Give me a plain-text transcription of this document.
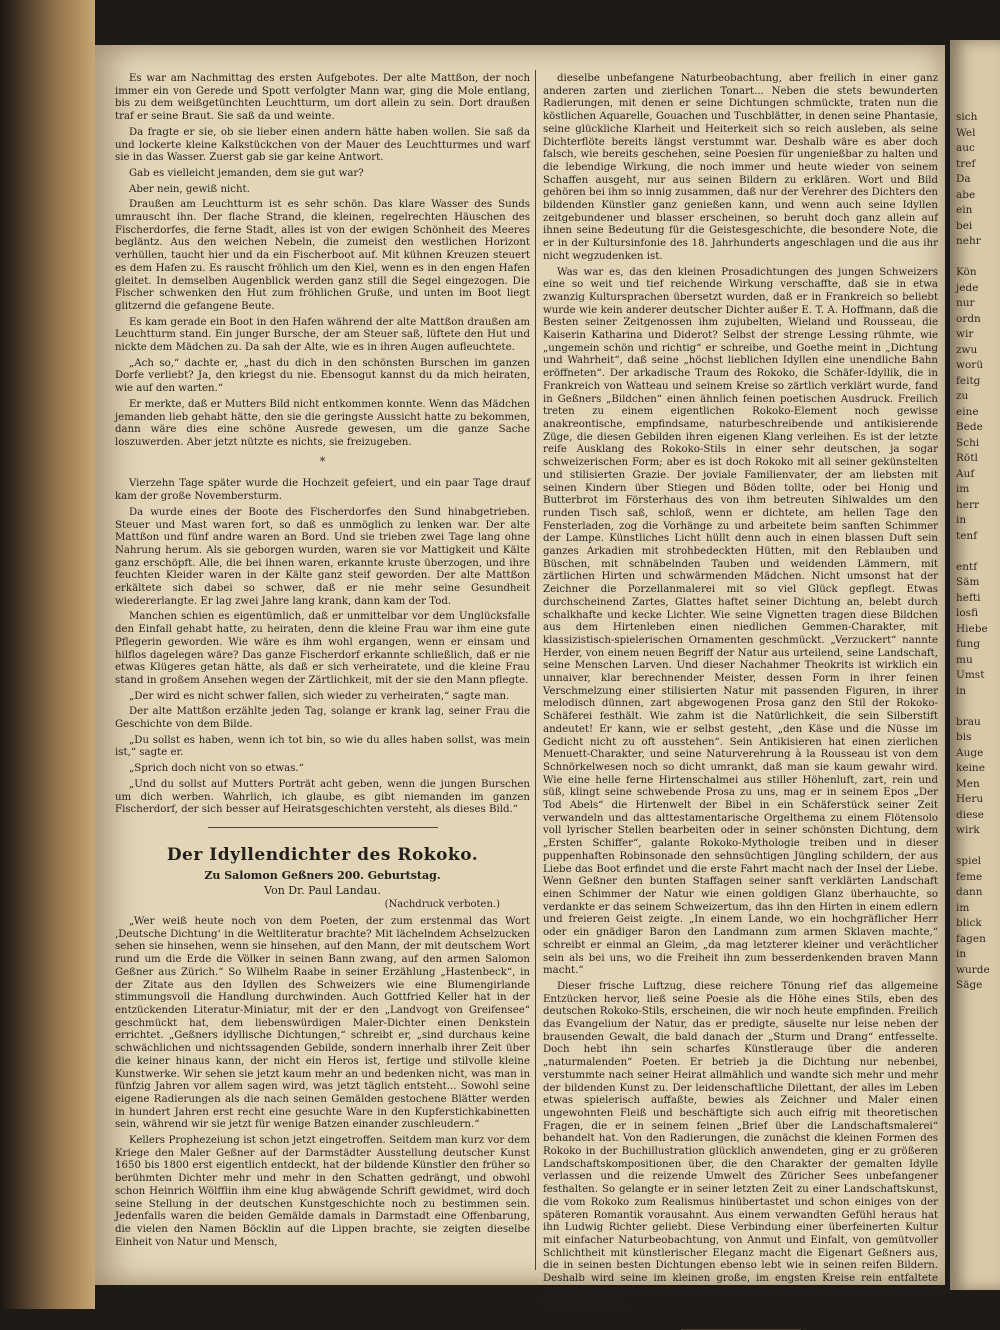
Es war am Nachmittag des ersten Aufgebotes. Der alte Mattßon, der noch immer ein von Gerede und Spott verfolgter Mann war, ging die Mole entlang, bis zu dem weißgetünchten Leuchtturm, um dort allein zu sein. Dort draußen traf er seine Braut. Sie saß da und weinte.

Da fragte er sie, ob sie lieber einen andern hätte haben wollen. Sie saß da und lockerte kleine Kalkstückchen von der Mauer des Leuchtturmes und warf sie in das Wasser. Zuerst gab sie gar keine Antwort.

Gab es vielleicht jemanden, dem sie gut war?

Aber nein, gewiß nicht.

Draußen am Leuchtturm ist es sehr schön. Das klare Wasser des Sunds umrauscht ihn. Der flache Strand, die kleinen, regelrechten Häuschen des Fischerdorfes, die ferne Stadt, alles ist von der ewigen Schönheit des Meeres begläntz. Aus den weichen Nebeln, die zumeist den westlichen Horizont verhüllen, taucht hier und da ein Fischerboot auf. Mit kühnen Kreuzen steuert es dem Hafen zu. Es rauscht fröhlich um den Kiel, wenn es in den engen Hafen gleitet. In demselben Augenblick werden ganz still die Segel eingezogen. Die Fischer schwenken den Hut zum fröhlichen Gruße, und unten im Boot liegt glitzernd die gefangene Beute.

Es kam gerade ein Boot in den Hafen während der alte Mattßon draußen am Leuchtturm stand. Ein junger Bursche, der am Steuer saß, lüftete den Hut und nickte dem Mädchen zu. Da sah der Alte, wie es in ihren Augen aufleuchtete.

„Ach so,“ dachte er, „hast du dich in den schönsten Burschen im ganzen Dorfe verliebt? Ja, den kriegst du nie. Ebensogut kannst du da mich heiraten, wie auf den warten.“

Er merkte, daß er Mutters Bild nicht entkommen konnte. Wenn das Mädchen jemanden lieb gehabt hätte, den sie die geringste Aussicht hatte zu bekommen, dann wäre dies eine schöne Ausrede gewesen, um die ganze Sache loszuwerden. Aber jetzt nützte es nichts, sie freizugeben.

*

Vierzehn Tage später wurde die Hochzeit gefeiert, und ein paar Tage drauf kam der große Novembersturm.

Da wurde eines der Boote des Fischerdorfes den Sund hinabgetrieben. Steuer und Mast waren fort, so daß es unmöglich zu lenken war. Der alte Mattßon und fünf andre waren an Bord. Und sie trieben zwei Tage lang ohne Nahrung herum. Als sie geborgen wurden, waren sie vor Mattigkeit und Kälte ganz erschöpft. Alle, die bei ihnen waren, erkannte kruste überzogen, und ihre feuchten Kleider waren in der Kälte ganz steif geworden. Der alte Mattßon erkältete sich dabei so schwer, daß er nie mehr seine Gesundheit wiedererlangte. Er lag zwei Jahre lang krank, dann kam der Tod.

Manchen schien es eigentümlich, daß er unmittelbar vor dem Unglücksfalle den Einfall gehabt hatte, zu heiraten, denn die kleine Frau war ihm eine gute Pflegerin geworden. Wie wäre es ihm wohl ergangen, wenn er einsam und hilflos dagelegen wäre? Das ganze Fischerdorf erkannte schließlich, daß er nie etwas Klügeres getan hätte, als daß er sich verheiratete, und die kleine Frau stand in großem Ansehen wegen der Zärtlichkeit, mit der sie den Mann pflegte.

„Der wird es nicht schwer fallen, sich wieder zu verheiraten,“ sagte man.

Der alte Mattßon erzählte jeden Tag, solange er krank lag, seiner Frau die Geschichte von dem Bilde.

„Du sollst es haben, wenn ich tot bin, so wie du alles haben sollst, was mein ist,“ sagte er.

„Sprich doch nicht von so etwas.“

„Und du sollst auf Mutters Porträt acht geben, wenn die jungen Burschen um dich werben. Wahrlich, ich glaube, es gibt niemanden im ganzen Fischerdorf, der sich besser auf Heiratsgeschichten versteht, als dieses Bild.“

Der Idyllendichter des Rokoko.
Zu Salomon Geßners 200. Geburtstag.
Von Dr. Paul Landau.
(Nachdruck verboten.)

„Wer weiß heute noch von dem Poeten, der zum erstenmal das Wort ‚Deutsche Dichtung‘ in die Weltliteratur brachte? Mit lächelndem Achselzucken sehen sie hinsehen, wenn sie hinsehen, auf den Mann, der mit deutschem Wort rund um die Erde die Völker in seinen Bann zwang, auf den armen Salomon Geßner aus Zürich.“ So Wilhelm Raabe in seiner Erzählung „Hastenbeck“, in der Zitate aus den Idyllen des Schweizers wie eine Blumengirlande stimmungsvoll die Handlung durchwinden. Auch Gottfried Keller hat in der entzückenden Literatur-Miniatur, mit der er den „Landvogt von Greifensee“ geschmückt hat, dem liebenswürdigen Maler-Dichter einen Denkstein errichtet. „Geßners idyllische Dichtungen,“ schreibt er, „sind durchaus keine schwächlichen und nichtssagenden Gebilde, sondern innerhalb ihrer Zeit über die keiner hinaus kann, der nicht ein Heros ist, fertige und stilvolle kleine Kunstwerke. Wir sehen sie jetzt kaum mehr an und bedenken nicht, was man in fünfzig Jahren vor allem sagen wird, was jetzt täglich entsteht... Sowohl seine eigene Radierungen als die nach seinen Gemälden gestochene Blätter werden in hundert Jahren erst recht eine gesuchte Ware in den Kupferstichkabinetten sein, während wir sie jetzt für wenige Batzen einander zuschleudern.“

Kellers Prophezeiung ist schon jetzt eingetroffen. Seitdem man kurz vor dem Kriege den Maler Geßner auf der Darmstädter Ausstellung deutscher Kunst 1650 bis 1800 erst eigentlich entdeckt, hat der bildende Künstler den früher so berühmten Dichter mehr und mehr in den Schatten gedrängt, und obwohl schon Heinrich Wölfflin ihm eine klug abwägende Schrift gewidmet, wird doch seine Stellung in der deutschen Kunstgeschichte noch zu bestimmen sein. Jedenfalls waren die beiden Gemälde damals in Darmstadt eine Offenbarung, die vielen den Namen Böcklin auf die Lippen brachte, sie zeigten dieselbe Einheit von Natur und Mensch,

dieselbe unbefangene Naturbeobachtung, aber freilich in einer ganz anderen zarten und zierlichen Tonart... Neben die stets bewunderten Radierungen, mit denen er seine Dichtungen schmückte, traten nun die köstlichen Aquarelle, Gouachen und Tuschblätter, in denen seine Phantasie, seine glückliche Klarheit und Heiterkeit sich so reich ausleben, als seine Dichterflöte bereits längst verstummt war. Deshalb wäre es aber doch falsch, wie bereits geschehen, seine Poesien für ungenießbar zu halten und die lebendige Wirkung, die noch immer und heute wieder von seinem Schaffen ausgeht, nur aus seinen Bildern zu erklären. Wort und Bild gehören bei ihm so innig zusammen, daß nur der Verehrer des Dichters den bildenden Künstler ganz genießen kann, und wenn auch seine Idyllen zeitgebundener und blasser erscheinen, so beruht doch ganz allein auf ihnen seine Bedeutung für die Geistesgeschichte, die besondere Note, die er in der Kultursinfonie des 18. Jahrhunderts angeschlagen und die aus ihr nicht wegzudenken ist.

Was war es, das den kleinen Prosadichtungen des jungen Schweizers eine so weit und tief reichende Wirkung verschaffte, daß sie in etwa zwanzig Kultursprachen übersetzt wurden, daß er in Frankreich so beliebt wurde wie kein anderer deutscher Dichter außer E. T. A. Hoffmann, daß die Besten seiner Zeitgenossen ihm zujubelten, Wieland und Rousseau, die Kaiserin Katharina und Diderot? Selbst der strenge Lessing rühmte, wie „ungemein schön und richtig“ er schreibe, und Goethe meint in „Dichtung und Wahrheit“, daß seine „höchst lieblichen Idyllen eine unendliche Bahn eröffneten“. Der arkadische Traum des Rokoko, die Schäfer-Idyllik, die in Frankreich von Watteau und seinem Kreise so zärtlich verklärt wurde, fand in Geßners „Bildchen“ einen ähnlich feinen poetischen Ausdruck. Freilich treten zu einem eigentlichen Rokoko-Element noch gewisse anakreontische, empfindsame, naturbeschreibende und antikisierende Züge, die diesen Gebilden ihren eigenen Klang verleihen. Es ist der letzte reife Ausklang des Rokoko-Stils in einer sehr deutschen, ja sogar schweizerischen Form; aber es ist doch Rokoko mit all seiner gekünstelten und stilisierten Grazie. Der joviale Familienvater, der am liebsten mit seinen Kindern über Stiegen und Böden tollte, oder bei Honig und Butterbrot im Försterhaus des von ihm betreuten Sihlwaldes um den runden Tisch saß, schloß, wenn er dichtete, am hellen Tage den Fensterladen, zog die Vorhänge zu und arbeitete beim sanften Schimmer der Lampe. Künstliches Licht hüllt denn auch in einen blassen Duft sein ganzes Arkadien mit strohbedeckten Hütten, mit den Reblauben und Büschen, mit schnäbelnden Tauben und weidenden Lämmern, mit zärtlichen Hirten und schwärmenden Mädchen. Nicht umsonst hat der Zeichner die Porzellanmalerei mit so viel Glück gepflegt. Etwas durchscheinend Zartes, Glattes haftet seiner Dichtung an, belebt durch schalkhafte und kecke Lichter. Wie seine Vignetten tragen diese Bildchen aus dem Hirtenleben einen niedlichen Gemmen-Charakter, mit klassizistisch-spielerischen Ornamenten geschmückt. „Verzuckert“ nannte Herder, von einem neuen Begriff der Natur aus urteilend, seine Landschaft, seine Menschen Larven. Und dieser Nachahmer Theokrits ist wirklich ein unnaiver, klar berechnender Meister, dessen Form in ihrer feinen Verschmelzung einer stilisierten Natur mit passenden Figuren, in ihrer melodisch dünnen, zart abgewogenen Prosa ganz den Stil der Rokoko-Schäferei festhält. Wie zahm ist die Natürlichkeit, die sein Silberstift andeutet! Er kann, wie er selbst gesteht, „den Käse und die Nüsse im Gedicht nicht zu oft ausstehen“. Sein Antikisieren hat einen zierlichen Menuett-Charakter, und seine Naturverehrung à la Rousseau ist von dem Schnörkelwesen noch so dicht umrankt, daß man sie kaum gewahr wird. Wie eine helle ferne Hirtenschalmei aus stiller Höhenluft, zart, rein und süß, klingt seine schwebende Prosa zu uns, mag er in seinem Epos „Der Tod Abels“ die Hirtenwelt der Bibel in ein Schäferstück seiner Zeit verwandeln und das alttestamentarische Orgelthema zu einem Flötensolo voll lyrischer Stellen bearbeiten oder in seiner schönsten Dichtung, dem „Ersten Schiffer“, galante Rokoko-Mythologie treiben und in dieser puppenhaften Robinsonade den sehnsüchtigen Jüngling schildern, der aus Liebe das Boot erfindet und die erste Fahrt macht nach der Insel der Liebe. Wenn Geßner den bunten Staffagen seiner sanft verklärten Landschaft einen Schimmer der Natur wie einen goldigen Glanz überhauchte, so verdankte er das seinem Schweizertum, das ihn den Hirten in einem edlern und freieren Geist zeigte. „In einem Lande, wo ein hochgräflicher Herr oder ein gnädiger Baron den Landmann zum armen Sklaven machte,“ schreibt er einmal an Gleim, „da mag letzterer kleiner und verächtlicher sein als bei uns, wo die Freiheit ihn zum besserdenkenden braven Mann macht.“

Dieser frische Luftzug, diese reichere Tönung rief das allgemeine Entzücken hervor, ließ seine Poesie als die Höhe eines Stils, eben des deutschen Rokoko-Stils, erscheinen, die wir noch heute empfinden. Freilich das Evangelium der Natur, das er predigte, säuselte nur leise neben der brausenden Gewalt, die bald danach der „Sturm und Drang“ entfesselte. Doch hebt ihn sein scharfes Künstlerauge über die anderen „naturmalenden“ Poeten. Er betrieb ja die Dichtung nur nebenbei, verstummte nach seiner Heirat allmählich und wandte sich mehr und mehr der bildenden Kunst zu. Der leidenschaftliche Dilettant, der alles im Leben etwas spielerisch auffaßte, bewies als Zeichner und Maler einen ungewohnten Fleiß und beschäftigte sich auch eifrig mit theoretischen Fragen, die er in seinem feinen „Brief über die Landschaftsmalerei“ behandelt hat. Von den Radierungen, die zunächst die kleinen Formen des Rokoko in der Buchillustration glücklich anwendeten, ging er zu größeren Landschaftskompositionen über, die den Charakter der gemalten Idylle verlassen und die reizende Umwelt des Züricher Sees unbefangener festhalten. So gelangte er in seiner letzten Zeit zu einer Landschaftskunst, die vom Rokoko zum Realismus hinübertastet und schon einiges von der späteren Romantik vorausahnt. Aus einem verwandten Gefühl heraus hat ihn Ludwig Richter geliebt. Diese Verbindung einer überfeinerten Kultur mit einfacher Naturbeobachtung, von Anmut und Einfalt, von gemütvoller Schlichtheit mit künstlerischer Eleganz macht die Eigenart Geßners aus, die in seinen besten Dichtungen ebenso lebt wie in seinen reifen Bildern. Deshalb wird seine im kleinen große, im engsten Kreise rein entfaltete Schöpfung als eine liebliche Insel im Reich deutscher Kunst stets ihre Verehrer finden.

sich
Wel
auc
tref
Da
abe
ein
bei
nehr

Kön
jede
nur
ordn
wir
zwu
worü
feitg
zu
eine
Bede
Schi
Rötl
Auf
im
herr
in
tenf

entf
Säm
hefti
losfi
Hiebe
fung
mu
Umst
in

brau
bis
Auge
keine
Men
Heru
diese
wirk

spiel
feme
dann
im
blick
fagen
in
wurde
Säge
